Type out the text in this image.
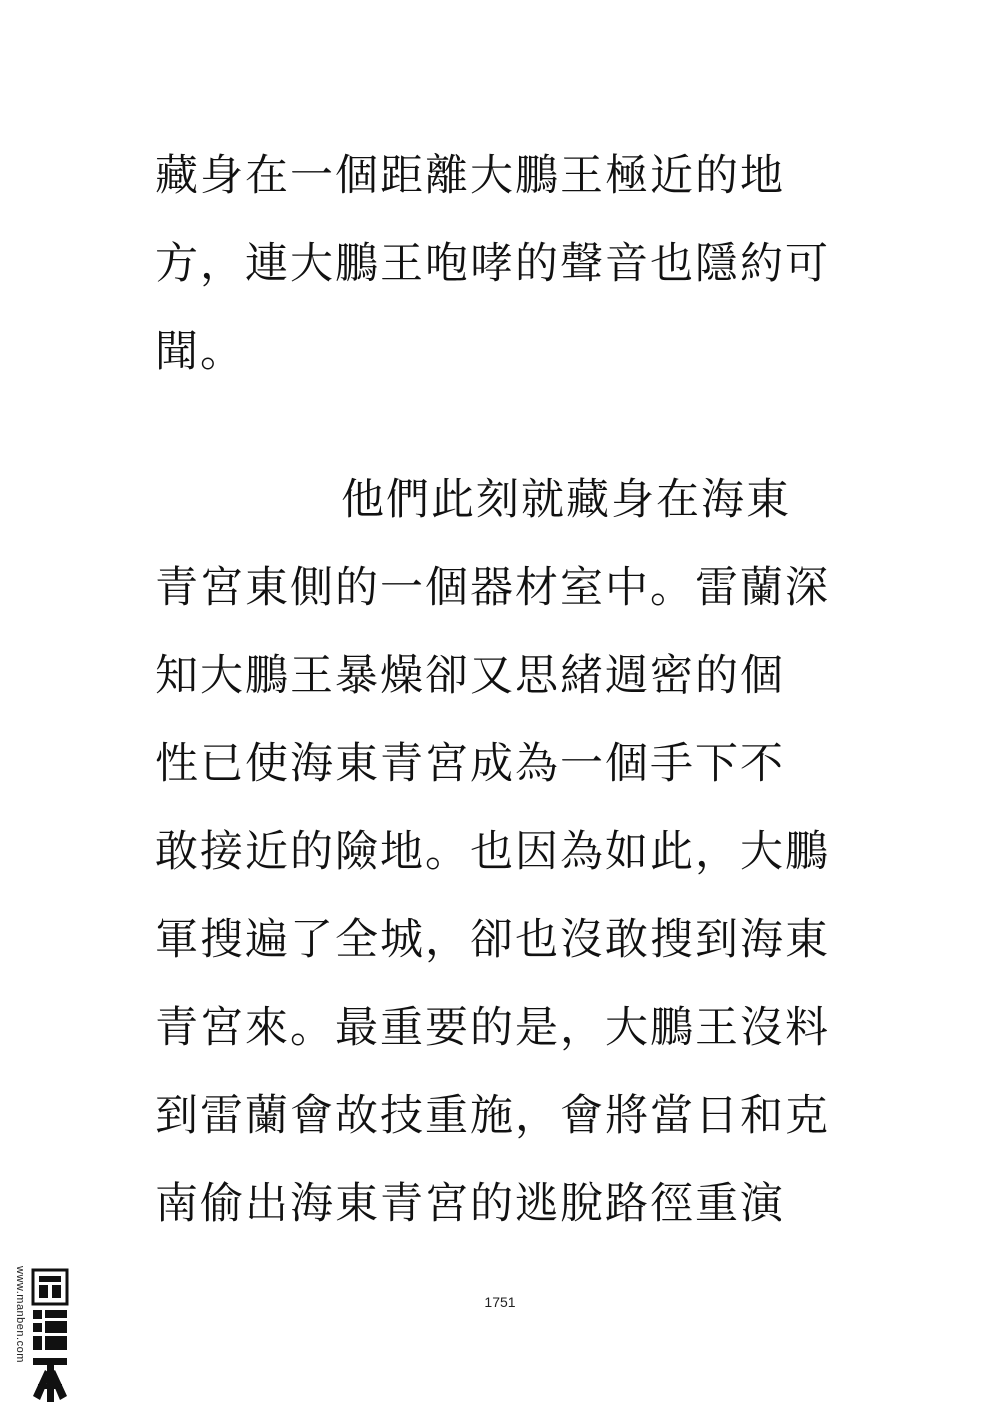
藏身在一個距離大鵬王極近的地
方，連大鵬王咆哮的聲音也隱約可
聞。
他們此刻就藏身在海東
青宮東側的一個器材室中。雷蘭深
知大鵬王暴燥卻又思緒週密的個
性已使海東青宮成為一個手下不
敢接近的險地。也因為如此，大鵬
軍搜遍了全城，卻也沒敢搜到海東
青宮來。最重要的是，大鵬王沒料
到雷蘭會故技重施，會將當日和克
南偷出海東青宮的逃脫路徑重演
1751
www.manben.com
